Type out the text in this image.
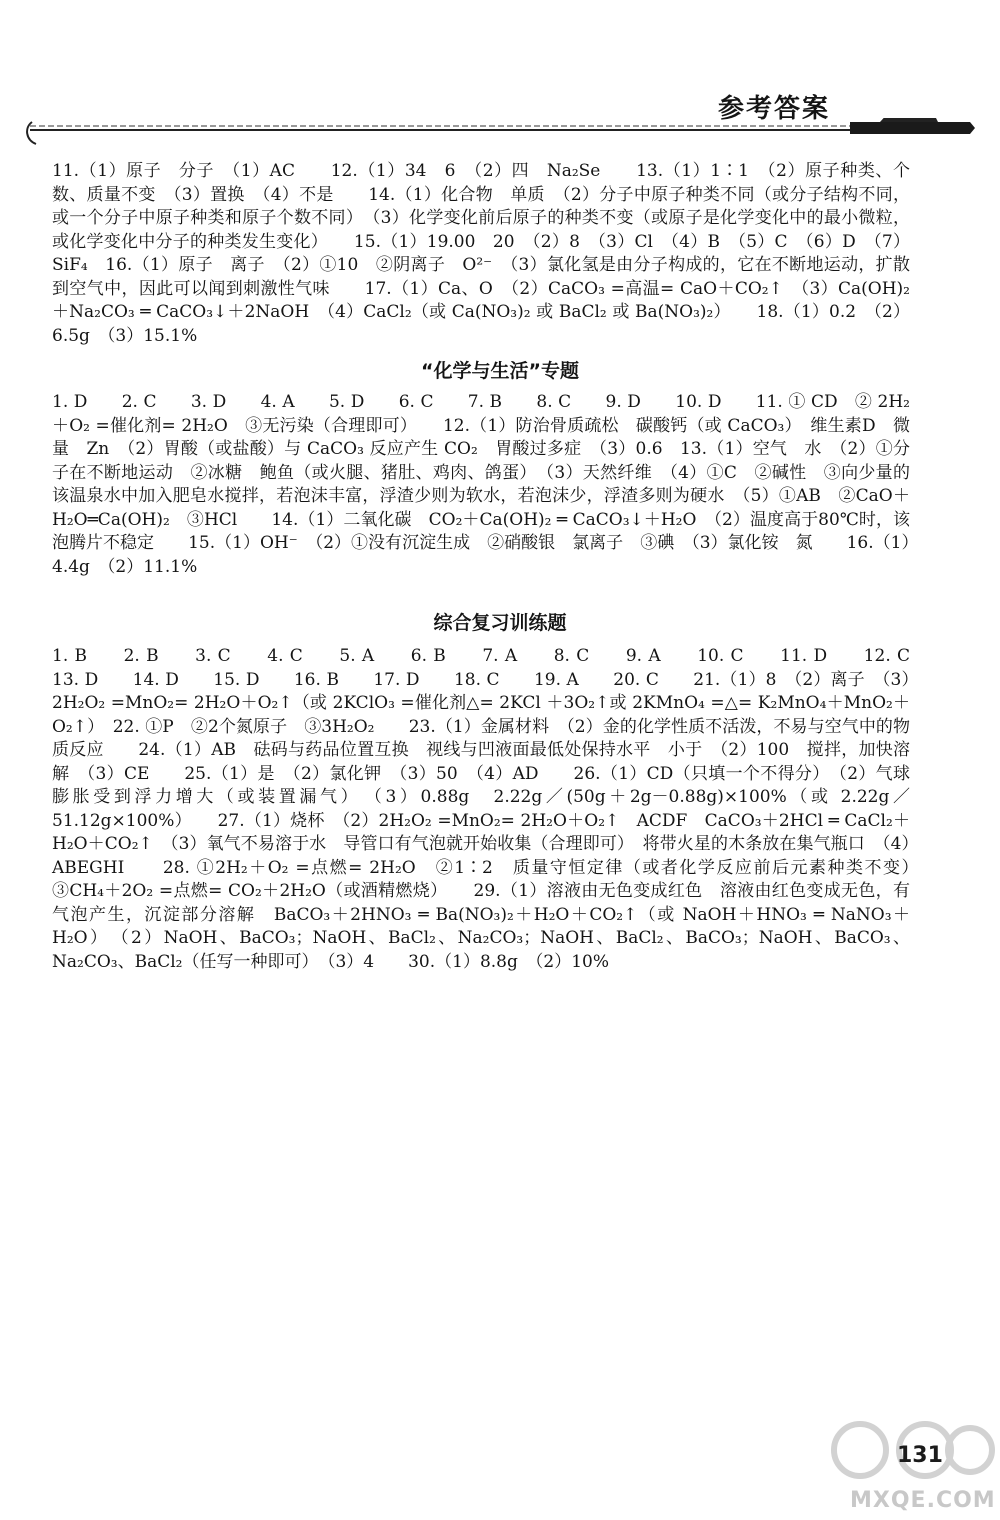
参考答案
11.（1）原子　分子　（1）AC　　12.（1）34　6　（2）四　Na₂Se　　13.（1）1∶1　（2）原子种类、个数、质量不变　（3）置换　（4）不是　　14.（1）化合物　单质　（2）分子中原子种类不同（或分子结构不同，或一个分子中原子种类和原子个数不同）　（3）化学变化前后原子的种类不变（或原子是化学变化中的最小微粒，或化学变化中分子的种类发生变化）　　15.（1）19.00　20　（2）8　（3）Cl　（4）B　（5）C　（6）D　（7）SiF₄　16.（1）原子　离子　（2）①10　②阴离子　O²⁻　（3）氯化氢是由分子构成的，它在不断地运动，扩散到空气中，因此可以闻到刺激性气味　　17.（1）Ca、O　（2）CaCO₃ =高温= CaO＋CO₂↑　（3）Ca(OH)₂＋Na₂CO₃ ═ CaCO₃↓＋2NaOH　（4）CaCl₂（或 Ca(NO₃)₂ 或 BaCl₂ 或 Ba(NO₃)₂）　　18.（1）0.2　（2）6.5g　（3）15.1%
“化学与生活”专题
1. D　　2. C　　3. D　　4. A　　5. D　　6. C　　7. B　　8. C　　9. D　　10. D　　11. ① CD　② 2H₂＋O₂ =催化剂= 2H₂O　③无污染（合理即可）　　12.（1）防治骨质疏松　碳酸钙（或 CaCO₃）　维生素D　微量　Zn　（2）胃酸（或盐酸）与 CaCO₃ 反应产生 CO₂　胃酸过多症　（3）0.6　13.（1）空气　水　（2）①分子在不断地运动　②冰糖　鲍鱼（或火腿、猪肚、鸡肉、鸽蛋）　（3）天然纤维　（4）①C　②碱性　③向少量的该温泉水中加入肥皂水搅拌，若泡沫丰富，浮渣少则为软水，若泡沫少，浮渣多则为硬水　（5）①AB　②CaO＋H₂O═Ca(OH)₂　③HCl　　14.（1）二氧化碳　CO₂＋Ca(OH)₂ ═ CaCO₃↓＋H₂O　（2）温度高于80℃时，该泡腾片不稳定　　15.（1）OH⁻　（2）①没有沉淀生成　②硝酸银　氯离子　③碘　（3）氯化铵　氮　　16.（1）4.4g　（2）11.1%
综合复习训练题
1. B　　2. B　　3. C　　4. C　　5. A　　6. B　　7. A　　8. C　　9. A　　10. C　　11. D　　12. C　13. D　　14. D　　15. D　　16. B　　17. D　　18. C　　19. A　　20. C　　21.（1）8　（2）离子　（3）2H₂O₂ =MnO₂= 2H₂O＋O₂↑（或 2KClO₃ =催化剂△= 2KCl ＋3O₂↑或 2KMnO₄ =△= K₂MnO₄＋MnO₂＋O₂↑）　22. ①P　②2个氮原子　③3H₂O₂　　23.（1）金属材料　（2）金的化学性质不活泼，不易与空气中的物质反应　　24.（1）AB　砝码与药品位置互换　视线与凹液面最低处保持水平　小于　（2）100　搅拌，加快溶解　（3）CE　　25.（1）是　（2）氯化钾　（3）50　（4）AD　　26.（1）CD（只填一个不得分）　（2）气球膨胀受到浮力增大（或装置漏气）　（3）0.88g　2.22g／(50g＋2g－0.88g)×100%（或 2.22g／51.12g×100%）　　27.（1）烧杯　（2）2H₂O₂ =MnO₂= 2H₂O＋O₂↑　ACDF　CaCO₃＋2HCl ═ CaCl₂＋H₂O＋CO₂↑　（3）氧气不易溶于水　导管口有气泡就开始收集（合理即可）　将带火星的木条放在集气瓶口　（4）ABEGHI　　28. ①2H₂＋O₂ =点燃= 2H₂O　②1∶2　质量守恒定律（或者化学反应前后元素种类不变）　③CH₄＋2O₂ =点燃= CO₂＋2H₂O（或酒精燃烧）　　29.（1）溶液由无色变成红色　溶液由红色变成无色，有气泡产生，沉淀部分溶解　BaCO₃＋2HNO₃ ═ Ba(NO₃)₂＋H₂O＋CO₂↑（或 NaOH＋HNO₃ ═ NaNO₃＋H₂O）　（2）NaOH、BaCO₃；NaOH、BaCl₂、Na₂CO₃；NaOH、BaCl₂、BaCO₃；NaOH、BaCO₃、Na₂CO₃、BaCl₂（任写一种即可）　（3）4　　30.（1）8.8g　（2）10%
131
MXQE.COM
